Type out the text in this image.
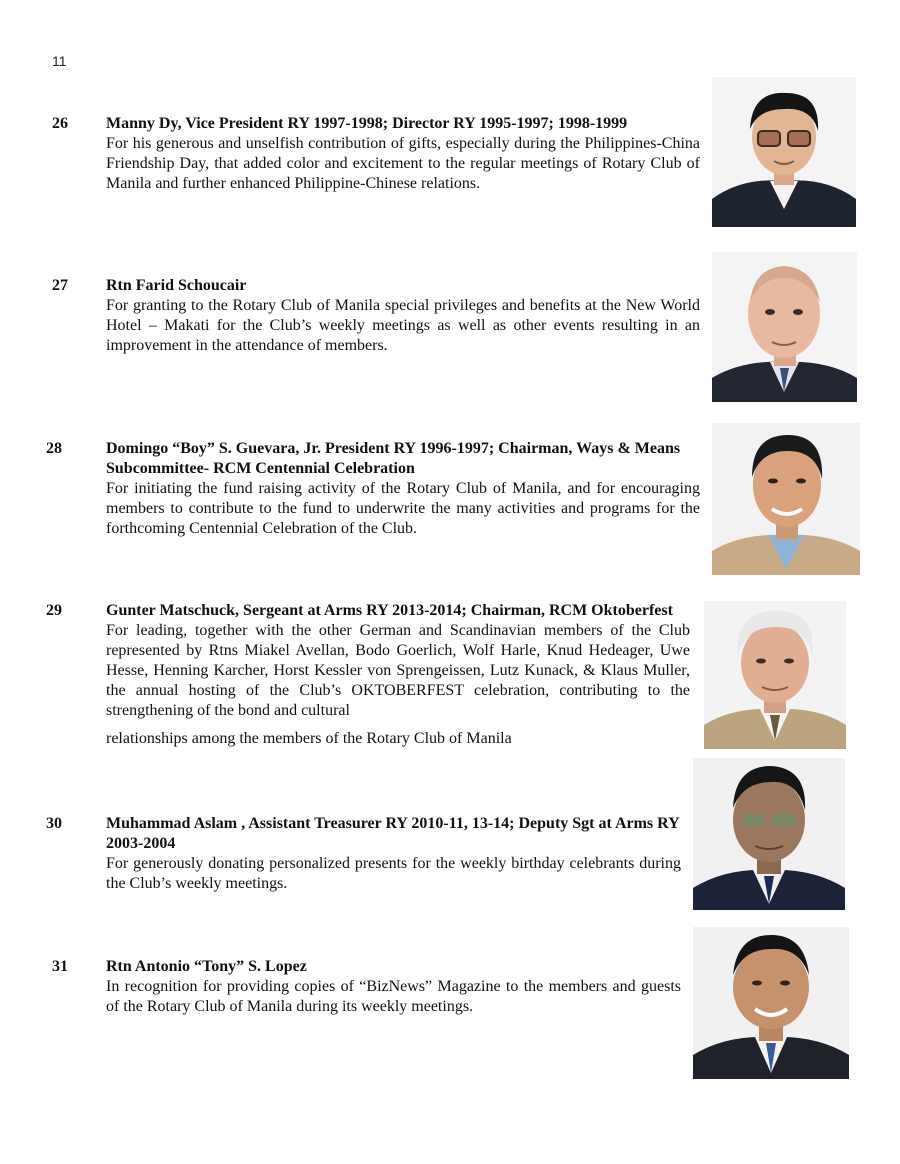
11
26 Manny Dy, Vice President RY 1997-1998; Director RY 1995-1997; 1998-1999
For his generous and unselfish contribution of gifts, especially during the Philippines-China Friendship Day, that added color and excitement to the regular meetings of Rotary Club of Manila and further enhanced Philippine-Chinese relations.
27 Rtn Farid Schoucair
For granting to the Rotary Club of Manila special privileges and benefits at the New World Hotel – Makati for the Club’s weekly meetings as well as other events resulting in an improvement in the attendance of members.
28	Domingo “Boy” S. Guevara, Jr. President RY 1996-1997; Chairman, Ways & Means Subcommittee- RCM Centennial Celebration
For initiating the fund raising activity of the Rotary Club of Manila, and for encouraging members to contribute to the fund to underwrite the many activities and programs for the forthcoming Centennial Celebration of the Club.
29	Gunter Matschuck, Sergeant at Arms RY 2013-2014; Chairman, RCM Oktoberfest
For leading, together with the other German and Scandinavian members of the Club represented by Rtns Miakel Avellan, Bodo Goerlich, Wolf Harle, Knud Hedeager, Uwe Hesse, Henning Karcher, Horst Kessler von Sprengeissen, Lutz Kunack, & Klaus Muller, the annual hosting of the Club’s OKTOBERFEST celebration, contributing to the strengthening of the bond and cultural
relationships among the members of the Rotary Club of Manila
30	Muhammad Aslam , Assistant Treasurer RY 2010-11, 13-14; Deputy Sgt at Arms RY 2003-2004
For generously donating personalized presents for the weekly birthday celebrants during the Club’s weekly meetings.
31 Rtn Antonio “Tony” S. Lopez
In recognition for providing copies of “BizNews” Magazine to the members and guests of the Rotary Club of Manila during its weekly meetings.
